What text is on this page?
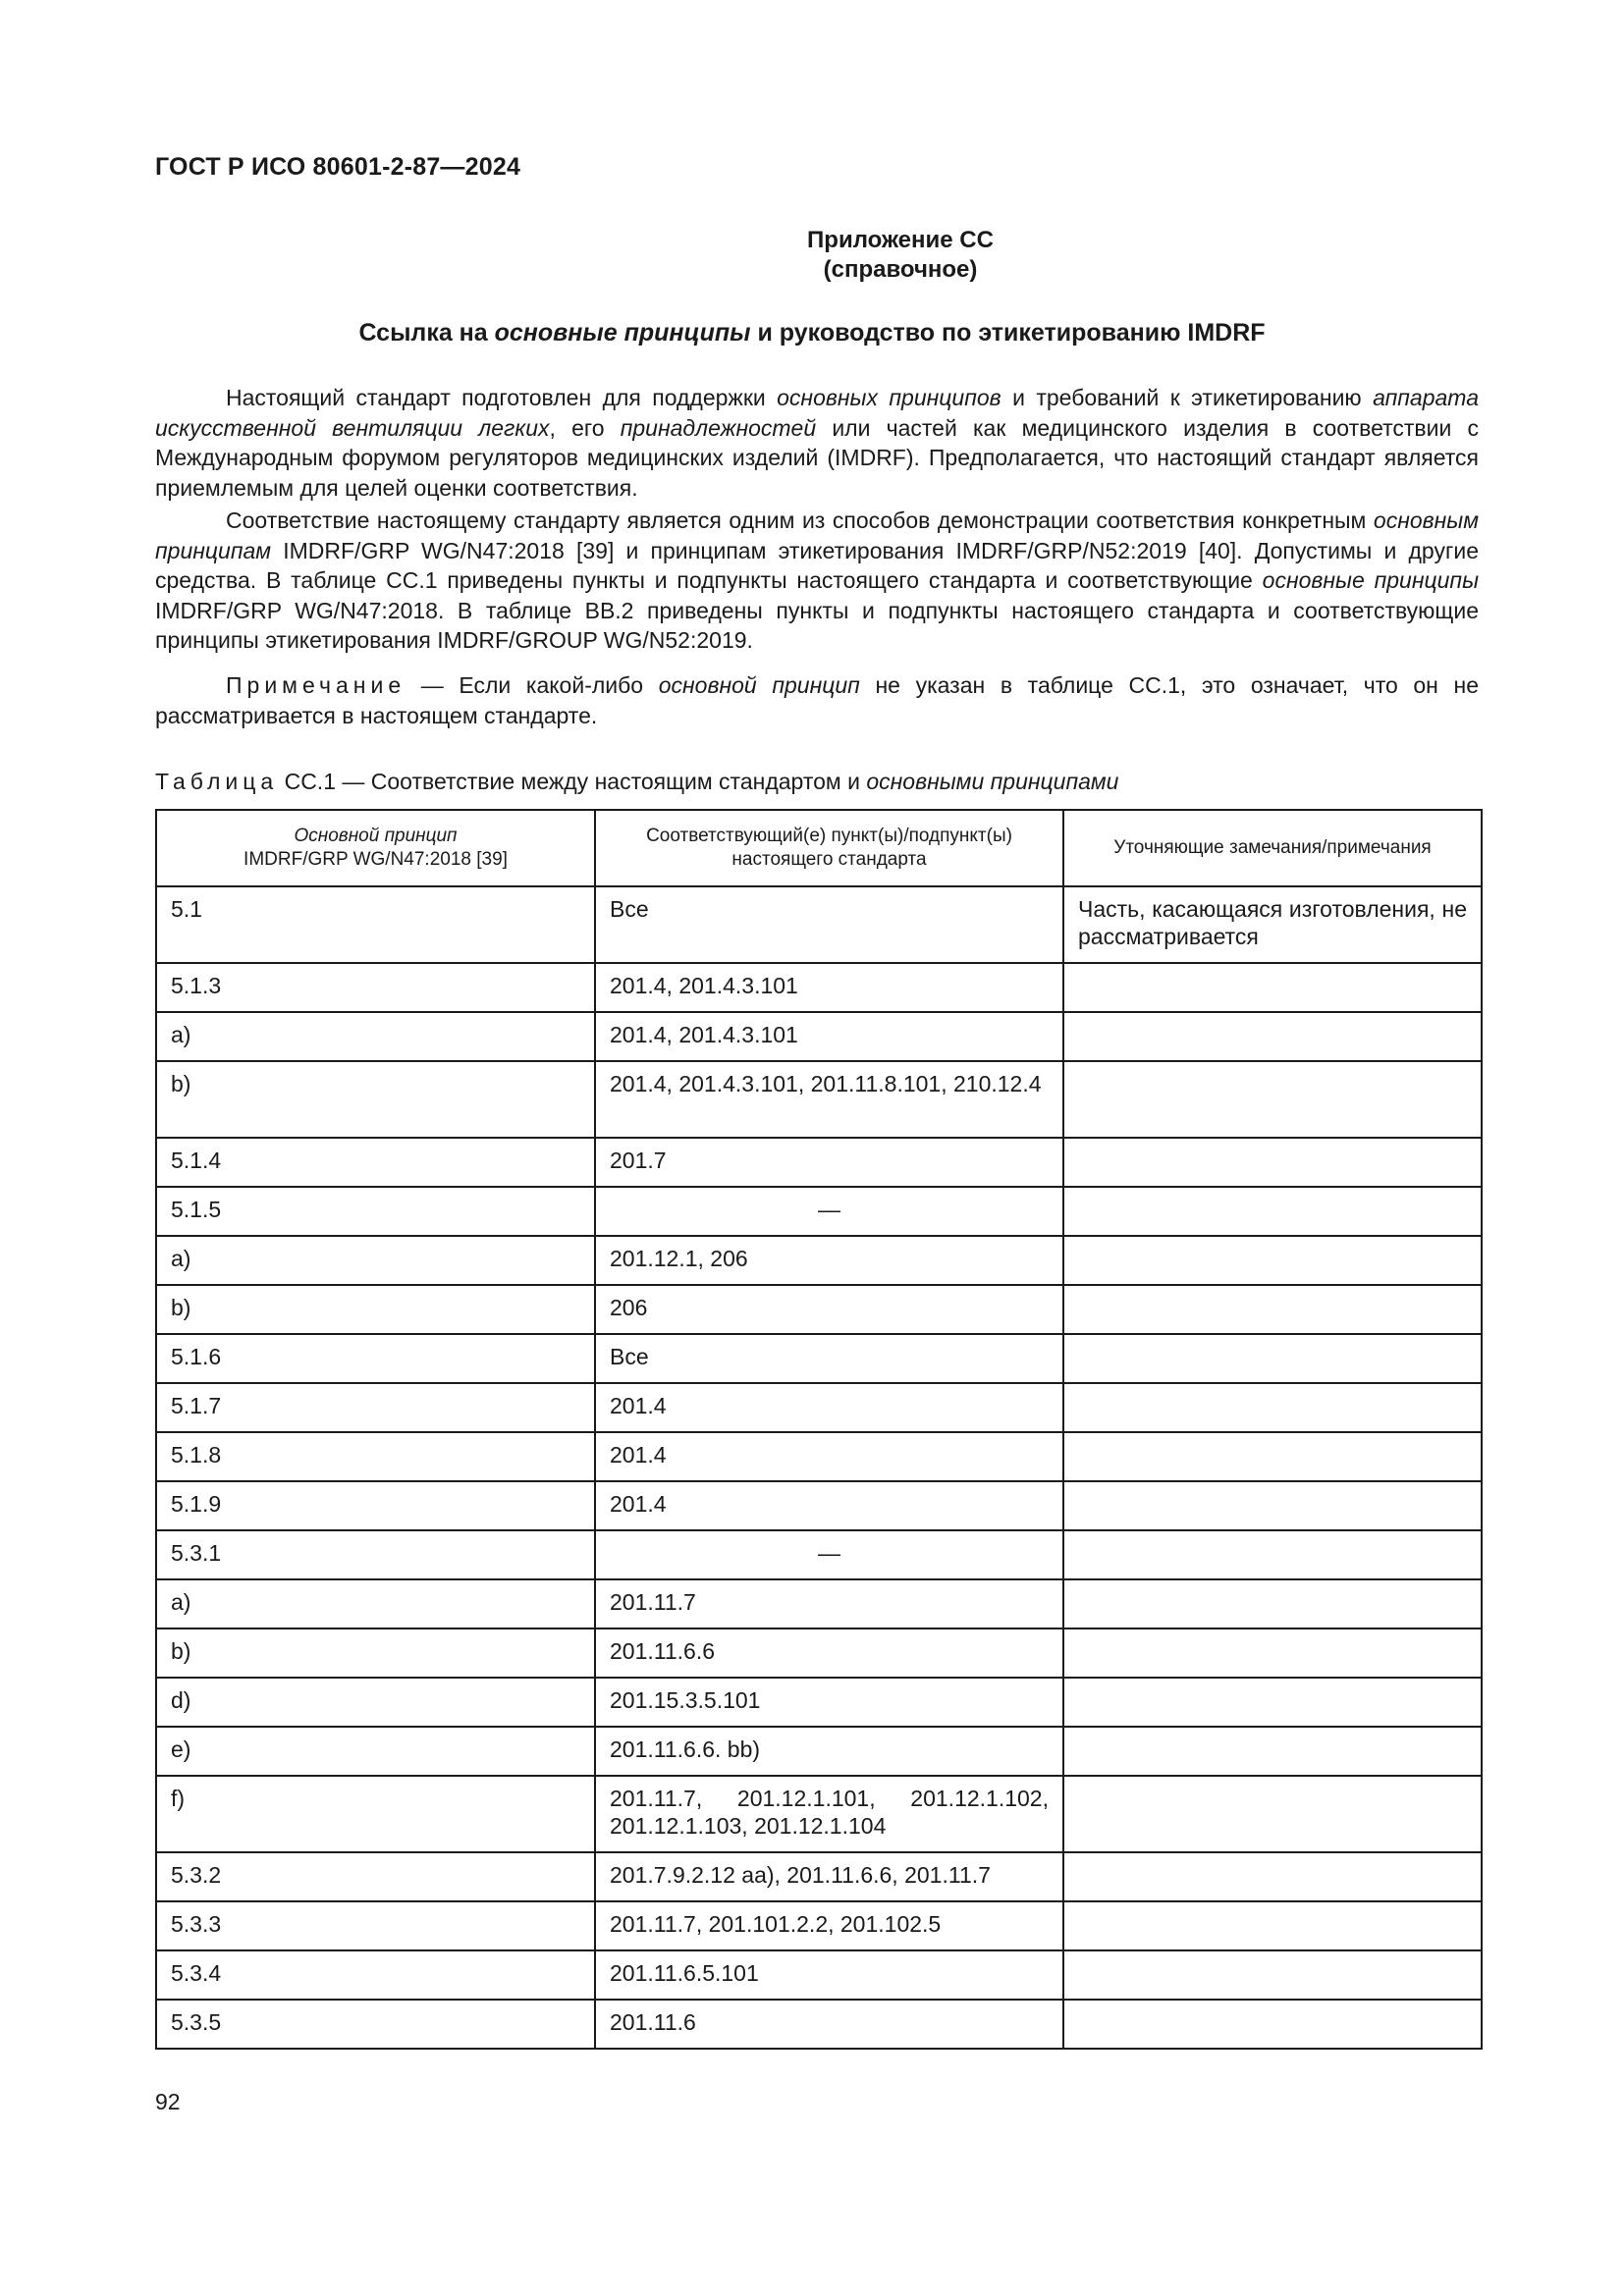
ГОСТ Р ИСО 80601-2-87—2024
Приложение СС
(справочное)
Ссылка на основные принципы и руководство по этикетированию IMDRF

Настоящий стандарт подготовлен для поддержки основных принципов и требований к этикетированию аппарата искусственной вентиляции легких, его принадлежностей или частей как медицинского изделия в соответствии с Международным форумом регуляторов медицинских изделий (IMDRF). Предполагается, что настоящий стандарт является приемлемым для целей оценки соответствия.

Соответствие настоящему стандарту является одним из способов демонстрации соответствия конкретным основным принципам IMDRF/GRP WG/N47:2018 [39] и принципам этикетирования IMDRF/GRP/N52:2019 [40]. Допустимы и другие средства. В таблице СС.1 приведены пункты и подпункты настоящего стандарта и соответствующие основные принципы IMDRF/GRP WG/N47:2018. В таблице ВВ.2 приведены пункты и подпункты настоящего стандарта и соответствующие принципы этикетирования IMDRF/GROUP WG/N52:2019.

Примечание — Если какой-либо основной принцип не указан в таблице СС.1, это означает, что он не рассматривается в настоящем стандарте.

Таблица СС.1 — Соответствие между настоящим стандартом и основными принципами
Основной принцип
IMDRF/GRP WG/N47:2018 [39]	Соответствующий(е) пункт(ы)/подпункт(ы) настоящего стандарта	Уточняющие замечания/примечания
5.1	Все	Часть, касающаяся изготовления, не рассматривается
5.1.3	201.4, 201.4.3.101	
a)	201.4, 201.4.3.101	
b)	201.4, 201.4.3.101, 201.11.8.101, 210.12.4	
5.1.4	201.7	
5.1.5	—	
a)	201.12.1, 206	
b)	206	
5.1.6	Все	
5.1.7	201.4	
5.1.8	201.4	
5.1.9	201.4	
5.3.1	—	
a)	201.11.7	
b)	201.11.6.6	
d)	201.15.3.5.101	
e)	201.11.6.6. bb)	
f)	201.11.7, 201.12.1.101, 201.12.1.102, 201.12.1.103, 201.12.1.104	
5.3.2	201.7.9.2.12 aa), 201.11.6.6, 201.11.7	
5.3.3	201.11.7, 201.101.2.2, 201.102.5	
5.3.4	201.11.6.5.101	
5.3.5	201.11.6	
92
